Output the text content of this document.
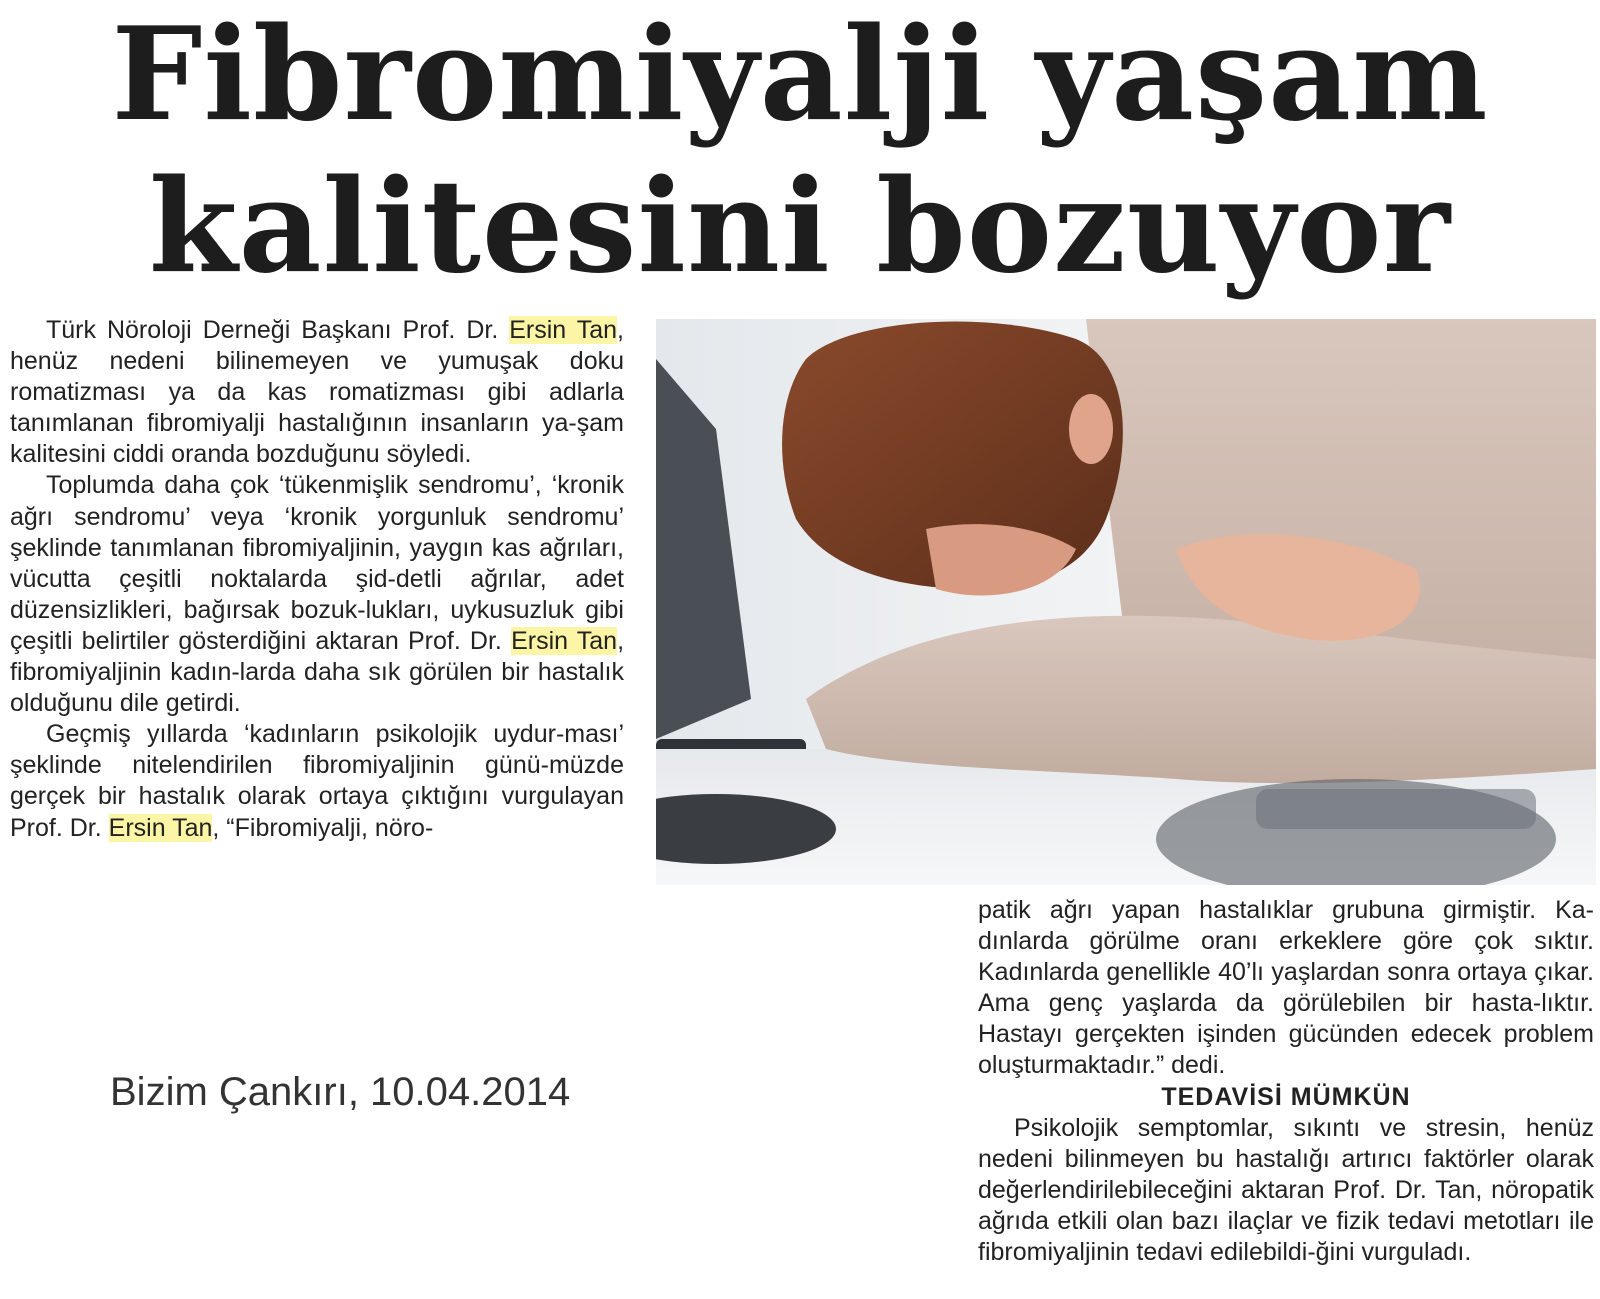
Fibromiyalji yaşam
kalitesini bozuyor

Türk Nöroloji Derneği Başkanı Prof. Dr. Ersin Tan, henüz nedeni bilinemeyen ve yumuşak doku romatizması ya da kas romatizması gibi adlarla tanımlanan fibromiyalji hastalığının insanların ya-şam kalitesini ciddi oranda bozduğunu söyledi.

Toplumda daha çok ‘tükenmişlik sendromu’, ‘kronik ağrı sendromu’ veya ‘kronik yorgunluk sendromu’ şeklinde tanımlanan fibromiyaljinin, yaygın kas ağrıları, vücutta çeşitli noktalarda şid-detli ağrılar, adet düzensizlikleri, bağırsak bozuk-lukları, uykusuzluk gibi çeşitli belirtiler gösterdiğini aktaran Prof. Dr. Ersin Tan, fibromiyaljinin kadın-larda daha sık görülen bir hastalık olduğunu dile getirdi.

Geçmiş yıllarda ‘kadınların psikolojik uydur-ması’ şeklinde nitelendirilen fibromiyaljinin günü-müzde gerçek bir hastalık olarak ortaya çıktığını vurgulayan Prof. Dr. Ersin Tan, “Fibromiyalji, nöro-

patik ağrı yapan hastalıklar grubuna girmiştir. Ka-dınlarda görülme oranı erkeklere göre çok sıktır. Kadınlarda genellikle 40’lı yaşlardan sonra ortaya çıkar. Ama genç yaşlarda da görülebilen bir hasta-lıktır. Hastayı gerçekten işinden gücünden edecek problem oluşturmaktadır.” dedi.

TEDAVİSİ MÜMKÜN

Psikolojik semptomlar, sıkıntı ve stresin, henüz nedeni bilinmeyen bu hastalığı artırıcı faktörler olarak değerlendirilebileceğini aktaran Prof. Dr. Tan, nöropatik ağrıda etkili olan bazı ilaçlar ve fizik tedavi metotları ile fibromiyaljinin tedavi edilebildi-ğini vurguladı.

Bizim Çankırı, 10.04.2014
